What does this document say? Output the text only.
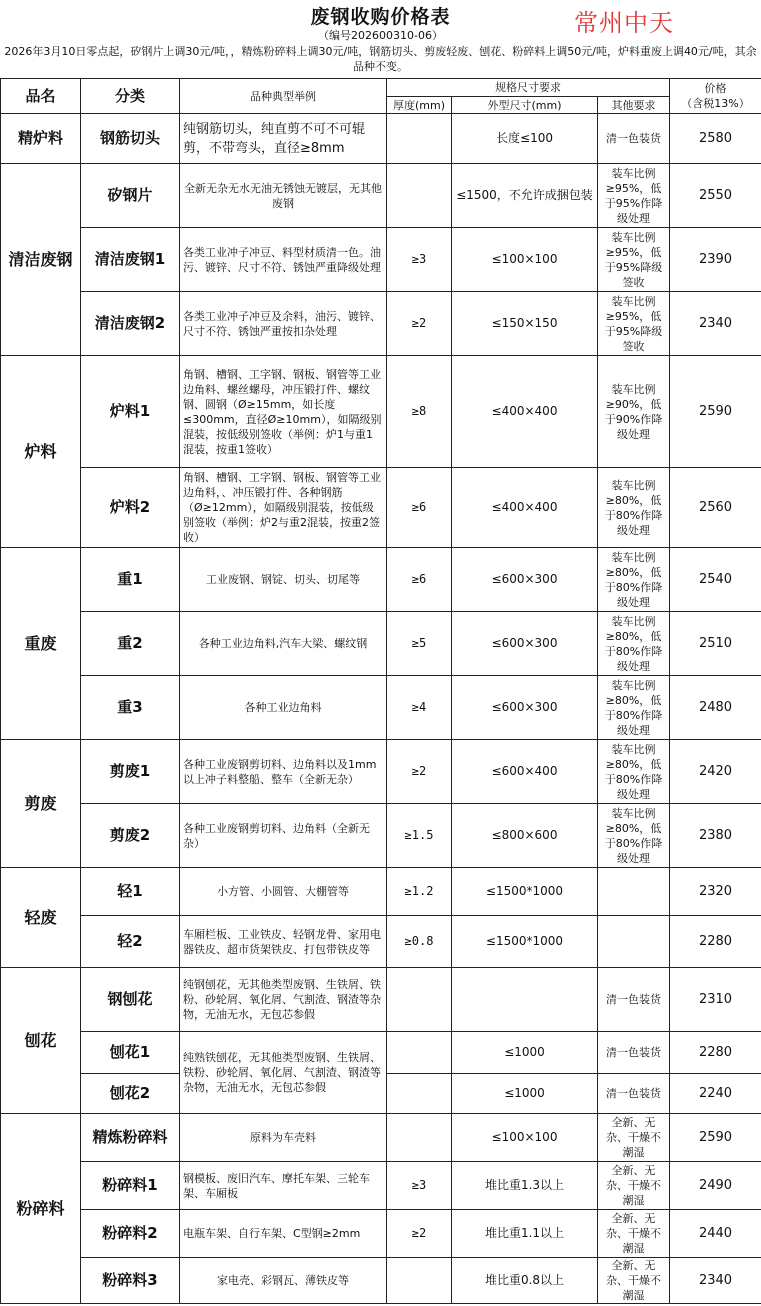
废钢收购价格表
（编号202600310-06）	常州中天
2026年3月10日零点起，矽钢片上调30元/吨，，精炼粉碎料上调30元/吨，钢筋切头、剪废轻废、刨花、粉碎料上调50元/吨，炉料重废上调40元/吨，其余品种不变。
品名	分类	品种典型举例	规格尺寸要求			价格
（含税13%）
			厚度(mm)	外型尺寸(mm)	其他要求	
精炉料	钢筋切头	纯钢筋切头，纯直剪不可不可辊剪，不带弯头，直径≥8mm		长度≤100	清一色装货	2580
清洁废钢	矽钢片	全新无杂无水无油无锈蚀无镀层，无其他废钢		≤1500，不允许成捆包装	装车比例≥95%，低于95%作降级处理	2550
	清洁废钢1	各类工业冲子冲豆、料型材质清一色。油污、镀锌、尺寸不符、锈蚀严重降级处理	≥3	≤100×100	装车比例≥95%，低于95%降级签收	2390
	清洁废钢2	各类工业冲子冲豆及余料，油污、镀锌、尺寸不符、锈蚀严重按扣杂处理	≥2	≤150×150	装车比例≥95%，低于95%降级签收	2340
炉料	炉料1	角钢、槽钢、工字钢、钢板、钢管等工业边角料、螺丝螺母，冲压锻打件、螺纹钢、圆钢（Ø≥15mm，如长度≤300mm，直径Ø≥10mm），如隔级别混装，按低级别签收（举例：炉1与重1混装，按重1签收）	≥8	≤400×400	装车比例≥90%，低于90%作降级处理	2590
	炉料2	角钢、槽钢、工字钢、钢板、钢管等工业边角料，、冲压锻打件、各种钢筋（Ø≥12mm），如隔级别混装，按低级别签收（举例：炉2与重2混装，按重2签收）	≥6	≤400×400	装车比例≥80%，低于80%作降级处理	2560
重废	重1	工业废钢、钢锭、切头、切尾等	≥6	≤600×300	装车比例≥80%，低于80%作降级处理	2540
	重2	各种工业边角料,汽车大梁、螺纹钢	≥5	≤600×300	装车比例≥80%，低于80%作降级处理	2510
	重3	各种工业边角料	≥4	≤600×300	装车比例≥80%，低于80%作降级处理	2480
剪废	剪废1	各种工业废钢剪切料、边角料以及1mm以上冲子料整船、整车（全新无杂）	≥2	≤600×400	装车比例≥80%，低于80%作降级处理	2420
	剪废2	各种工业废钢剪切料、边角料（全新无杂）	≥1.5	≤800×600	装车比例≥80%，低于80%作降级处理	2380
轻废	轻1	小方管、小圆管、大棚管等	≥1.2	≤1500*1000		2320
	轻2	车厢栏板、工业铁皮、轻钢龙骨、家用电器铁皮、超市货架铁皮、打包带铁皮等	≥0.8	≤1500*1000		2280
刨花	钢刨花	纯钢刨花，无其他类型废钢、生铁屑、铁粉、砂轮屑、氧化屑、气割渣、钢渣等杂物，无油无水，无包芯参假			清一色装货	2310
	刨花1	纯熟铁刨花，无其他类型废钢、生铁屑、铁粉、砂轮屑、氧化屑、气割渣、钢渣等杂物，无油无水，无包芯参假		≤1000	清一色装货	2280
	刨花2			≤1000	清一色装货	2240
粉碎料	精炼粉碎料	原料为车壳料		≤100×100	全新、无杂、干燥不潮湿	2590
	粉碎料1	钢模板、废旧汽车、摩托车架、三轮车架、车厢板	≥3	堆比重1.3以上	全新、无杂、干燥不潮湿	2490
	粉碎料2	电瓶车架、自行车架、C型钢≥2mm	≥2	堆比重1.1以上	全新、无杂、干燥不潮湿	2440
	粉碎料3	家电壳、彩钢瓦、薄铁皮等		堆比重0.8以上	全新、无杂、干燥不潮湿	2340
